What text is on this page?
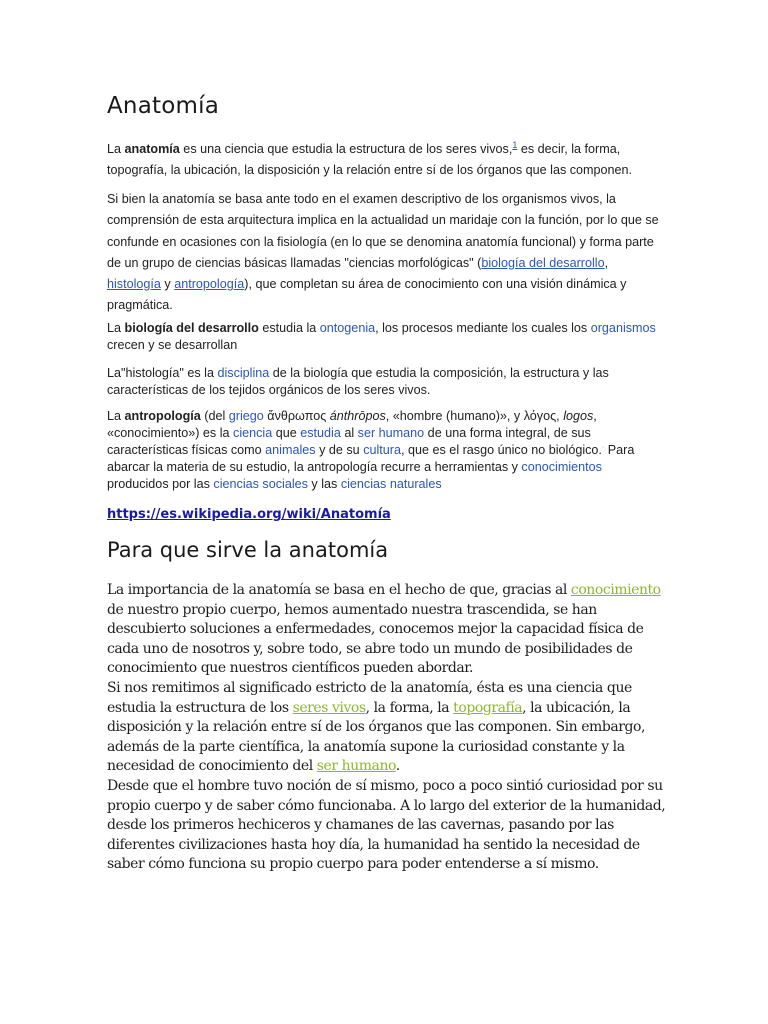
Anatomía

La anatomía es una ciencia que estudia la estructura de los seres vivos,$^1$ es decir, la forma, topografía, la ubicación, la disposición y la relación entre sí de los órganos que las componen.

Si bien la anatomía se basa ante todo en el examen descriptivo de los organismos vivos, la comprensión de esta arquitectura implica en la actualidad un maridaje con la función, por lo que se confunde en ocasiones con la fisiología (en lo que se denomina anatomía funcional) y forma parte de un grupo de ciencias básicas llamadas "ciencias morfológicas" (biología del desarrollo, histología y antropología), que completan su área de conocimiento con una visión dinámica y pragmática.

La biología del desarrollo estudia la ontogenia, los procesos mediante los cuales los organismos crecen y se desarrollan

La"histología" es la disciplina de la biología que estudia la composición, la estructura y las características de los tejidos orgánicos de los seres vivos.

La antropología (del griego ἄνθρωπος ánthrōpos, «hombre (humano)», y λόγος, logos, «conocimiento») es la ciencia que estudia al ser humano de una forma integral, de sus características físicas como animales y de su cultura, que es el rasgo único no biológico.· Para abarcar la materia de su estudio, la antropología recurre a herramientas y conocimientos producidos por las ciencias sociales y las ciencias naturales

https://es.wikipedia.org/wiki/Anatomía
Para que sirve la anatomía

La importancia de la anatomía se basa en el hecho de que, gracias al conocimiento de nuestro propio cuerpo, hemos aumentado nuestra trascendida, se han descubierto soluciones a enfermedades, conocemos mejor la capacidad física de cada uno de nosotros y, sobre todo, se abre todo un mundo de posibilidades de conocimiento que nuestros científicos pueden abordar.
Si nos remitimos al significado estricto de la anatomía, ésta es una ciencia que estudia la estructura de los seres vivos, la forma, la topografía, la ubicación, la disposición y la relación entre sí de los órganos que las componen. Sin embargo, además de la parte científica, la anatomía supone la curiosidad constante y la necesidad de conocimiento del ser humano.
Desde que el hombre tuvo noción de sí mismo, poco a poco sintió curiosidad por su propio cuerpo y de saber cómo funcionaba. A lo largo del exterior de la humanidad, desde los primeros hechiceros y chamanes de las cavernas, pasando por las diferentes civilizaciones hasta hoy día, la humanidad ha sentido la necesidad de saber cómo funciona su propio cuerpo para poder entenderse a sí mismo.
